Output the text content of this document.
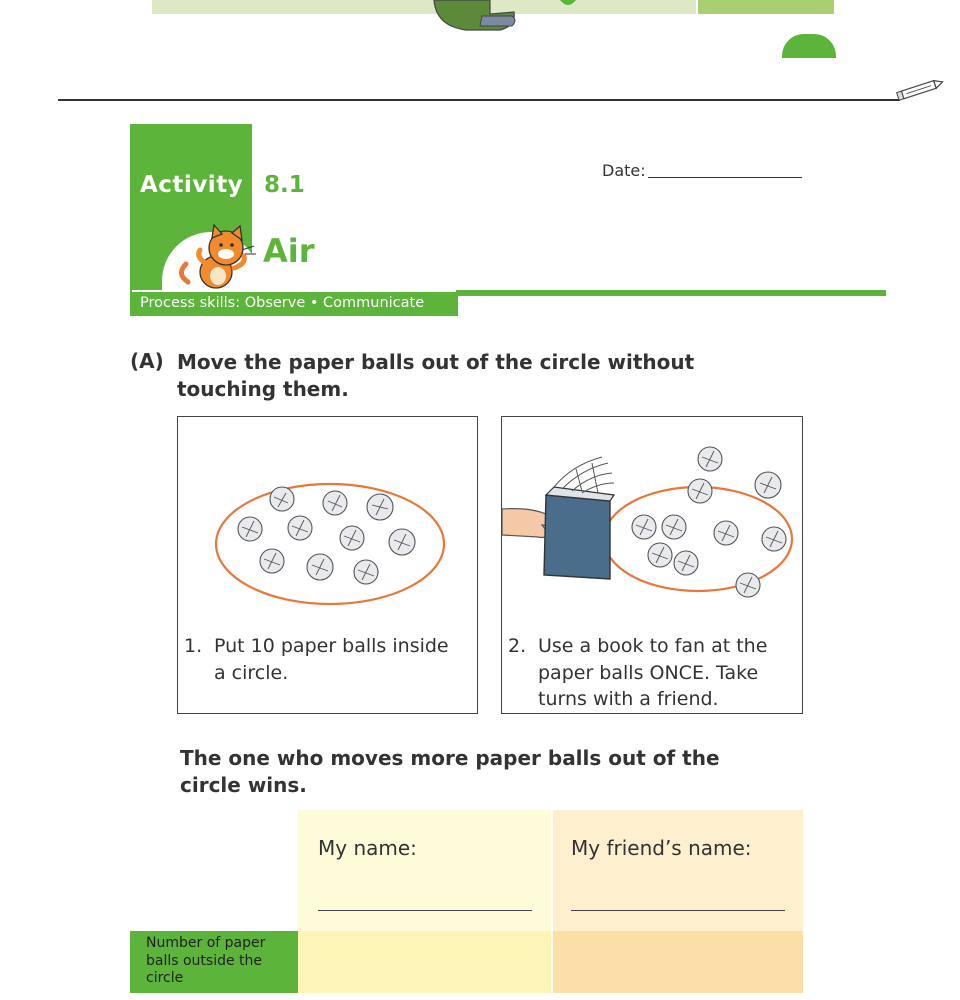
Activity 8.1
Date:
Air
Process skills: Observe • Communicate
(A) Move the paper balls out of the circle without touching them.
1. Put 10 paper balls inside a circle.
2. Use a book to fan at the paper balls ONCE. Take turns with a friend.
The one who moves more paper balls out of the circle wins.
My name:	My friend’s name:
Number of paper balls outside the circle
